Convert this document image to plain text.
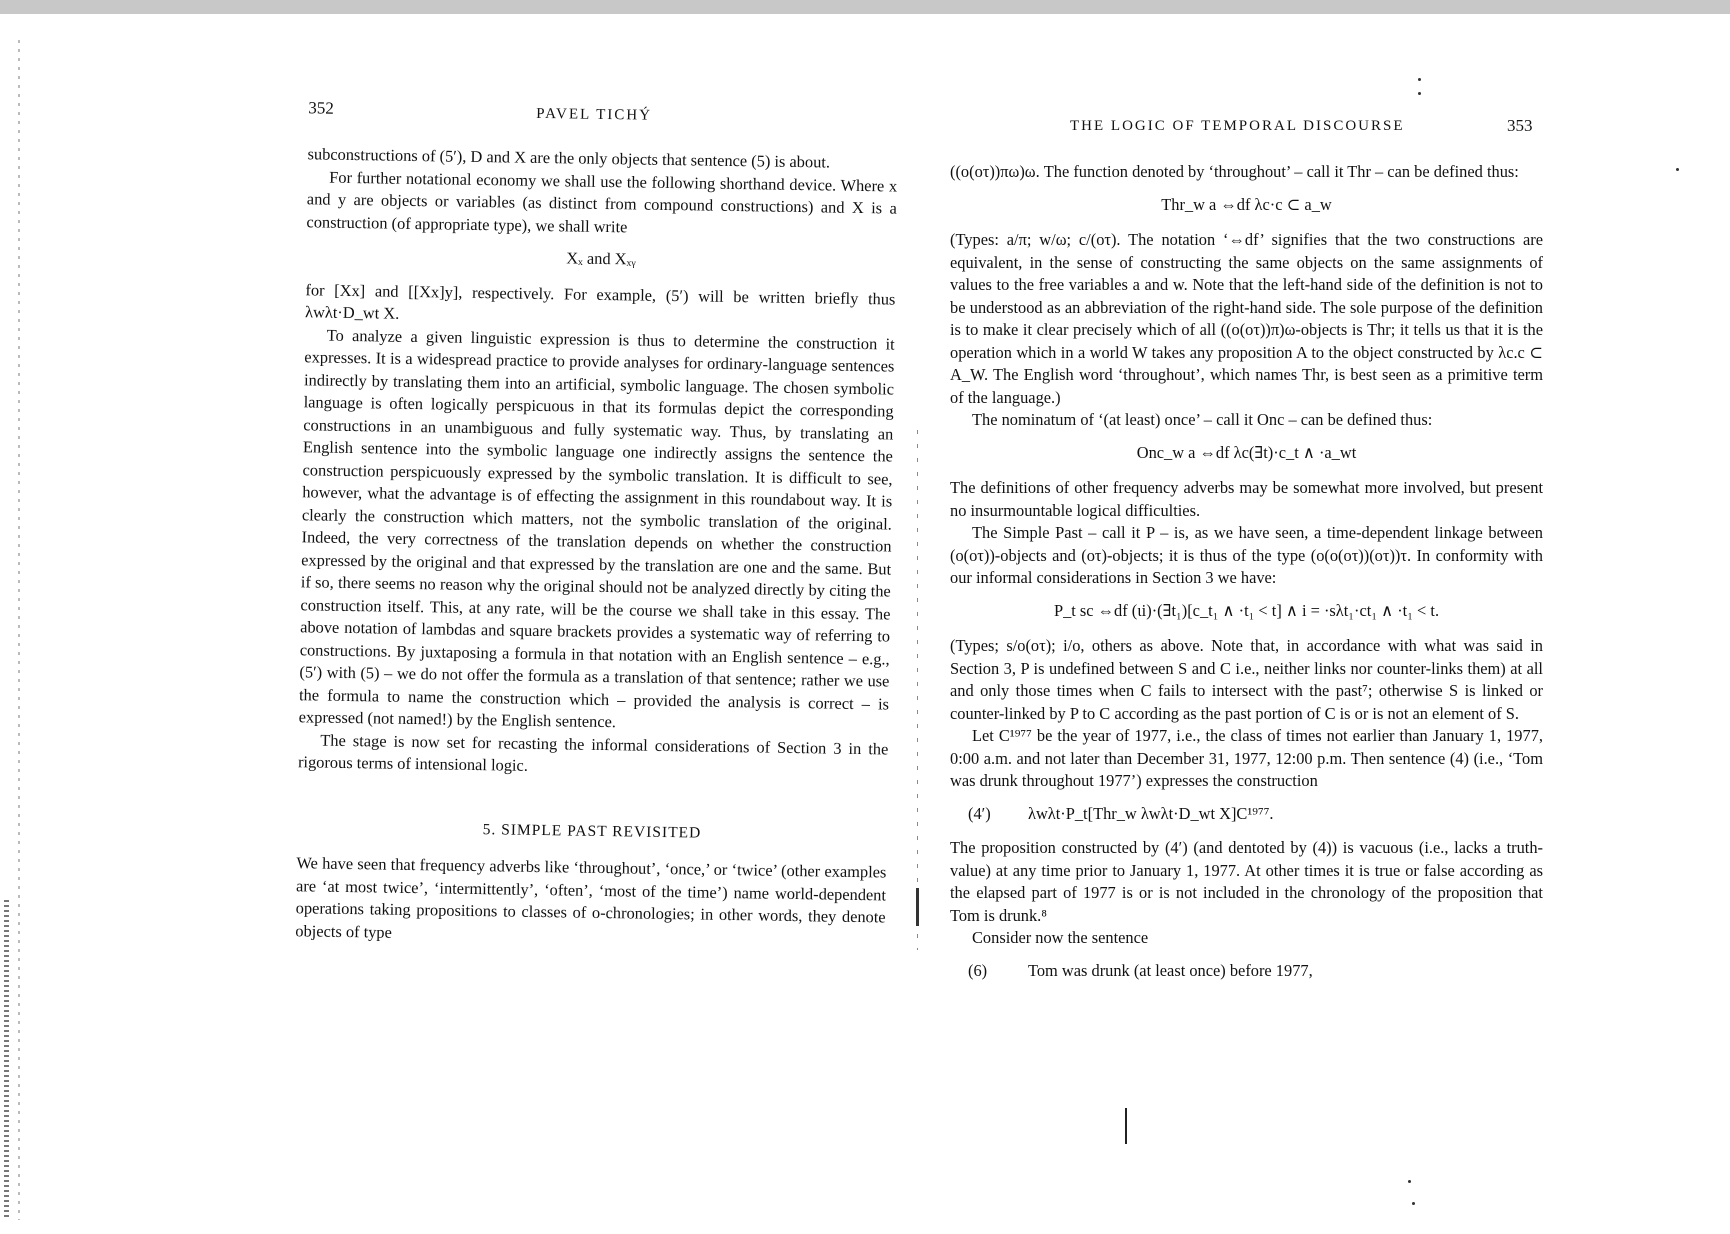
352	PAVEL TICHÝ

subconstructions of (5′), D and X are the only objects that sentence (5) is about.

For further notational economy we shall use the following shorthand device. Where x and y are objects or variables (as distinct from compound constructions) and X is a construction (of appropriate type), we shall write

Xₓ and Xₓᵧ

for [Xx] and [[Xx]y], respectively. For example, (5′) will be written briefly thus λwλt·D_wt X.

To analyze a given linguistic expression is thus to determine the construction it expresses. It is a widespread practice to provide analyses for ordinary-language sentences indirectly by translating them into an artificial, symbolic language. The chosen symbolic language is often logically perspicuous in that its formulas depict the corresponding constructions in an unambiguous and fully systematic way. Thus, by translating an English sentence into the symbolic language one indirectly assigns the sentence the construction perspicuously expressed by the symbolic translation. It is difficult to see, however, what the advantage is of effecting the assignment in this roundabout way. It is clearly the construction which matters, not the symbolic translation of the original. Indeed, the very correctness of the translation depends on whether the construction expressed by the original and that expressed by the translation are one and the same. But if so, there seems no reason why the original should not be analyzed directly by citing the construction itself. This, at any rate, will be the course we shall take in this essay. The above notation of lambdas and square brackets provides a systematic way of referring to constructions. By juxtaposing a formula in that notation with an English sentence – e.g., (5′) with (5) – we do not offer the formula as a translation of that sentence; rather we use the formula to name the construction which – provided the analysis is correct – is expressed (not named!) by the English sentence.

The stage is now set for recasting the informal considerations of Section 3 in the rigorous terms of intensional logic.

5. SIMPLE PAST REVISITED

We have seen that frequency adverbs like ‘throughout’, ‘once,’ or ‘twice’ (other examples are ‘at most twice’, ‘intermittently’, ‘often’, ‘most of the time’) name world-dependent operations taking propositions to classes of o-chronologies; in other words, they denote objects of type

THE LOGIC OF TEMPORAL DISCOURSE	353

((o(oτ))πω)ω. The function denoted by ‘throughout’ – call it Thr – can be defined thus:

Thr_w a ⇔df λc·c ⊂ a_w

(Types: a/π; w/ω; c/(oτ). The notation ‘⇔df’ signifies that the two constructions are equivalent, in the sense of constructing the same objects on the same assignments of values to the free variables a and w. Note that the left-hand side of the definition is not to be understood as an abbreviation of the right-hand side. The sole purpose of the definition is to make it clear precisely which of all ((o(oτ))π)ω-objects is Thr; it tells us that it is the operation which in a world W takes any proposition A to the object constructed by λc.c ⊂ A_W. The English word ‘throughout’, which names Thr, is best seen as a primitive term of the language.)

The nominatum of ‘(at least) once’ – call it Onc – can be defined thus:

Onc_w a ⇔df λc(∃t)·c_t ∧ ·a_wt

The definitions of other frequency adverbs may be somewhat more involved, but present no insurmountable logical difficulties.

The Simple Past – call it P – is, as we have seen, a time-dependent linkage between (o(oτ))-objects and (oτ)-objects; it is thus of the type (o(o(oτ))(oτ))τ. In conformity with our informal considerations in Section 3 we have:

P_t sc ⇔df (ιi)·(∃t₁)[c_t₁ ∧ ·t₁ < t] ∧ i = ·sλt₁·ct₁ ∧ ·t₁ < t.

(Types; s/o(oτ); i/o, others as above. Note that, in accordance with what was said in Section 3, P is undefined between S and C i.e., neither links nor counter-links them) at all and only those times when C fails to intersect with the past⁷; otherwise S is linked or counter-linked by P to C according as the past portion of C is or is not an element of S.

Let C¹⁹⁷⁷ be the year of 1977, i.e., the class of times not earlier than January 1, 1977, 0:00 a.m. and not later than December 31, 1977, 12:00 p.m. Then sentence (4) (i.e., ‘Tom was drunk throughout 1977’) expresses the construction

(4′)	λwλt·P_t[Thr_w λwλt·D_wt X]C¹⁹⁷⁷.

The proposition constructed by (4′) (and dentoted by (4)) is vacuous (i.e., lacks a truth-value) at any time prior to January 1, 1977. At other times it is true or false according as the elapsed part of 1977 is or is not included in the chronology of the proposition that Tom is drunk.⁸

Consider now the sentence

(6)	Tom was drunk (at least once) before 1977,
